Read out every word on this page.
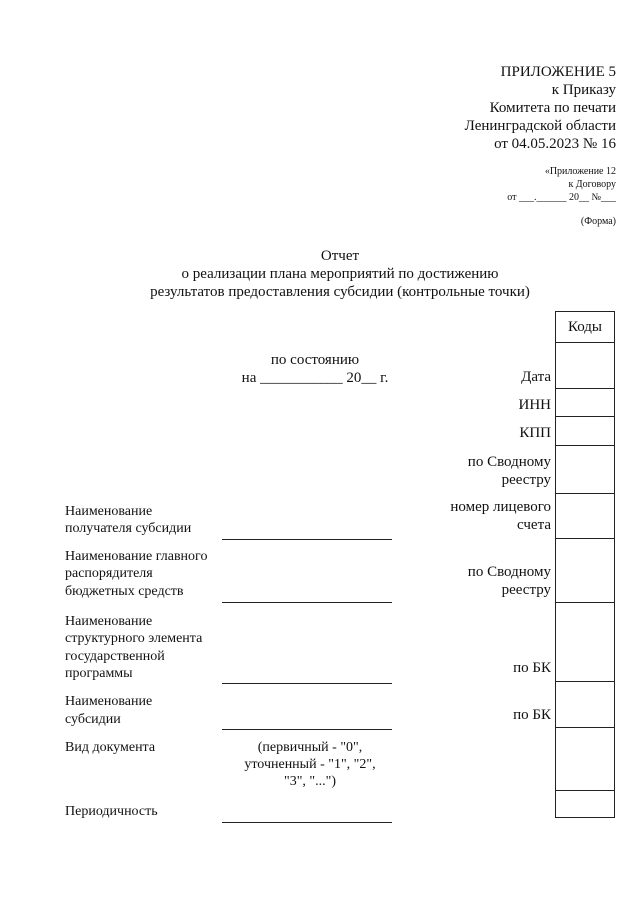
ПРИЛОЖЕНИЕ 5
к Приказу
Комитета по печати
Ленинградской области
от 04.05.2023 № 16
«Приложение 12
к Договору
от ___.______ 20__ №___
(Форма)
Отчет
о реализации плана мероприятий по достижению
результатов предоставления субсидии (контрольные точки)
по состоянию
на ___________ 20__ г.
Коды
Дата
ИНН
КПП
по Сводному
реестру
номер лицевого
счета
по Сводному
реестру
по БК
по БК
Наименование
получателя субсидии
Наименование главного
распорядителя
бюджетных средств
Наименование
структурного элемента
государственной
программы
Наименование
субсидии
Вид документа	(первичный - "0",
уточненный - "1", "2",
"3", "...")
Периодичность
